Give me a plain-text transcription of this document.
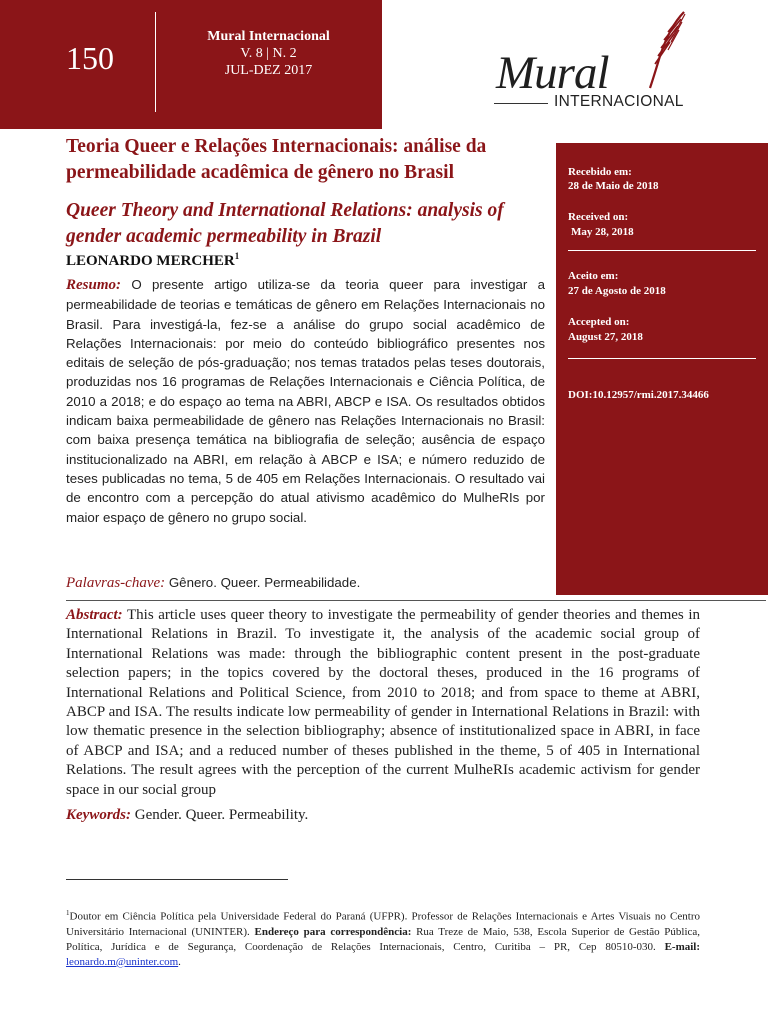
150
Mural Internacional
V. 8 | N. 2
JUL-DEZ 2017	Mural
INTERNACIONAL
Recebido em:
28 de Maio de 2018
Received on:
May 28, 2018
Aceito em:
27 de Agosto de 2018
Accepted on:
August 27, 2018
DOI:10.12957/rmi.2017.34466
Teoria Queer e Relações Internacionais: análise da permeabilidade acadêmica de gênero no Brasil
Queer Theory and International Relations: analysis of gender academic permeability in Brazil
LEONARDO MERCHER$^1$
Resumo: O presente artigo utiliza-se da teoria queer para investigar a permeabilidade de teorias e temáticas de gênero em Relações Internacionais no Brasil. Para investigá-la, fez-se a análise do grupo social acadêmico de Relações Internacionais: por meio do conteúdo bibliográfico presentes nos editais de seleção de pós-graduação; nos temas tratados pelas teses doutorais, produzidas nos 16 programas de Relações Internacionais e Ciência Política, de 2010 a 2018; e do espaço ao tema na ABRI, ABCP e ISA. Os resultados obtidos indicam baixa permeabilidade de gênero nas Relações Internacionais no Brasil: com baixa presença temática na bibliografia de seleção; ausência de espaço institucionalizado na ABRI, em relação à ABCP e ISA; e número reduzido de teses publicadas no tema, 5 de 405 em Relações Internacionais. O resultado vai de encontro com a percepção do atual ativismo acadêmico do MulheRIs por maior espaço de gênero no grupo social.
Palavras-chave: Gênero. Queer. Permeabilidade.
Abstract: This article uses queer theory to investigate the permeability of gender theories and themes in International Relations in Brazil. To investigate it, the analysis of the academic social group of International Relations was made: through the bibliographic content present in the post-graduate selection papers; in the topics covered by the doctoral theses, produced in the 16 programs of International Relations and Political Science, from 2010 to 2018; and from space to theme at ABRI, ABCP and ISA. The results indicate low permeability of gender in International Relations in Brazil: with low thematic presence in the selection bibliography; absence of institutionalized space in ABRI, in face of ABCP and ISA; and a reduced number of theses published in the theme, 5 of 405 in International Relations. The result agrees with the perception of the current MulheRIs academic activism for gender space in our social group
Keywords: Gender. Queer. Permeability.
$^1$Doutor em Ciência Política pela Universidade Federal do Paraná (UFPR). Professor de Relações Internacionais e Artes Visuais no Centro Universitário Internacional (UNINTER). Endereço para correspondência: Rua Treze de Maio, 538, Escola Superior de Gestão Pública, Política, Jurídica e de Segurança, Coordenação de Relações Internacionais, Centro, Curitiba – PR, Cep 80510-030. E-mail: leonardo.m@uninter.com.
